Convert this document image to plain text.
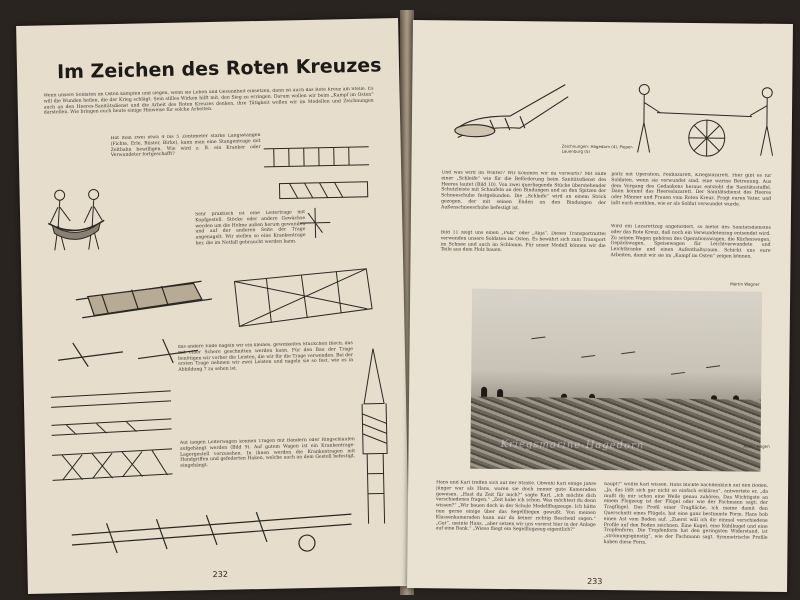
Im Zeichen des Roten Kreuzes
Wenn unsere Soldaten im Osten kämpfen und siegen, wenn sie Leben und Gesundheit einsetzen, dann ist auch das Rote Kreuz am Stelle. Es will die Wunden heilen, die der Krieg schlägt. Sein stilles Wirken hilft mit, den Sieg zu erringen. Darum wollen wir beim „Kampf im Osten“ auch an den Heeres-Sanitätsdienst und die Arbeit des Roten Kreuzes denken, ihre Tätigkeit wollen wir im Modellen und Zeichnungen darstellen. Wie bringen euch heute einige Hinweise für solche Arbeiten.
Hat man zwei etwa 4 bis 5 Zentimeter starke Längsstangen (Fichte, Erle, Rüster, Birke), kann man eine Stangentrage mit Zeltbahn bewilligen. Wie wird z. B. ein Kranker oder Verwundeter fortgeschafft?
Sehr praktisch ist eine Leitertrage mit Kopfgestell. Stöcke oder andere Gewächse werden um die Holme außen herum gewunden und auf der anderen Seite der Trage angenagelt. Wir stellen so eine Krankentrage her, die im Notfall gebraucht werden kann.
das andere Ende nageln wir ein kleines, gewinkeltes Stückchen Blech, das mit einer Schere geschnitten werden kann. Für den Bau der Trage benötigen wir vorher die Leisten, die wir für die Trage verwenden. Bei der ersten Trage nehmen wir zwei Leisten und nageln sie so fest, wie es in Abbildung 7 zu sehen ist.
Auf langen Leiterwagen können Tragen mit Bändern oder Ringschlaufen aufgehängt werden (Bild 9). Auf gutem Wagen ist ein Krankentrage-Lagergestell vorzusehen. In ihnen werden die Krankentragen mit Handgriffen und gefederten Haken, welche auch an dem Gestell befestigt, eingehängt.
232
Zeichnungen: Hagedorn (4), Pieper-Lauenburg (5)
Und was wird im Winter? Wir kommen wir da vorwärts? Mit Hilfe einer „Schleife“ wie für die Beförderung beim Sanitätsdienst des Heeres lautet (Bild 10). Von zwei querliegende Stücke überstehender Schutzleiste mit Schaufeln an den Bindungen und an den Spitzen der Schneeschuhe festgebunden. Die „Schleife“ wird an einem Strick gezogen, der mit seinen Enden an den Bindungen der Außenschneeschuhe befestigt ist.
Bild 11 zeigt uns einen „Pulk“ oder „Akja“. Dieses Transportmittel verwenden unsere Soldaten im Osten. Es bewährt sich zum Transport im Schnee und auch im Schlamm. Für unser Modell können wir die Teile aus dem Holz bauen.
platz mit Operation, Feldlazarett, Kriegslazarett. Hier gibt es für Soldaten, wenn sie verwundet sind, eine warme Betreuung. Aus dem Vorgang des Gedankens heraus entsteht die Sanitätsstaffel. Dann kommt das Heereslazarett. Der Sanitätsdienst des Heeres oder Männer und Frauen vom Roten Kreuz. Fragt euren Vater, und laßt euch erzählen, wie er als Soldat verwundet wurde.
Wird ein Lazarettzug angefordert, so bietet des Sanitätsdienstes oder das Rote Kreuz, daß noch ein Verwundetenzug entsendet wird. Zu seinen Wagen gehören des Operationswagen, die Küchenwagen, Gepäckwagen, Speisewagen für Leichtverwundete und Leichtkranke und einen Aufenthaltsraum. Schickt uns eure Arbeiten, damit wir sie im „Kampf im Osten“ zeigen können.
Martin Wagner
Kriegsmarine-Hagedorn	Aufn.: Hagen
Hans und Karl treffen sich auf der Straße. Obwohl Karl einige Jahre jünger war als Hans, waren sie doch immer gute Kameraden gewesen. „Hast du Zeit für mich?“ sagte Karl, „ich möchte dich verschiedenes fragen.“ „Zeit habe ich schon. Was möchtest du denn wissen?“ „Wir bauen doch in der Schule Modellflugzeuge. Ich hätte nun gerne einige über das Segelfliegen gewußt. Von meinen Klassenkameraden kann mir da keiner richtig Bescheid sagen.“ „Gut“, meinte Hans, „aber setzen wir uns vorerst hier in der Anlage auf eine Bank.“ „Wieso fliegt ein Segelflugzeug eigentlich?“
haupt?“ wollte Karl wissen. Hans blickte nachdenklich auf den Boden. „Ja, das läßt sich gar nicht so einfach erklären“, antwortete er, „da mußt du mir schon eine Weile genau zuhören. Das Wichtigste an einem Flugzeug ist der Flügel oder wie der Fachmann sagt: der Tragflügel. Das Profil einer Tragfläche, ich meine damit den Querschnitt eines Flügels, hat eine ganz bestimmte Form. Hans hob einen Ast vom Boden auf. „Zuerst will ich dir einmal verschiedene Profile auf den Boden zeichnen. Eine Kugel, eine Kühlkugel und eine Tropfenform. Die Tropfenform hat den geringsten Widerstand, ist „strömungsgünstig“, wie der Fachmann sagt. Symmetrische Profile haben diese Form.
233
